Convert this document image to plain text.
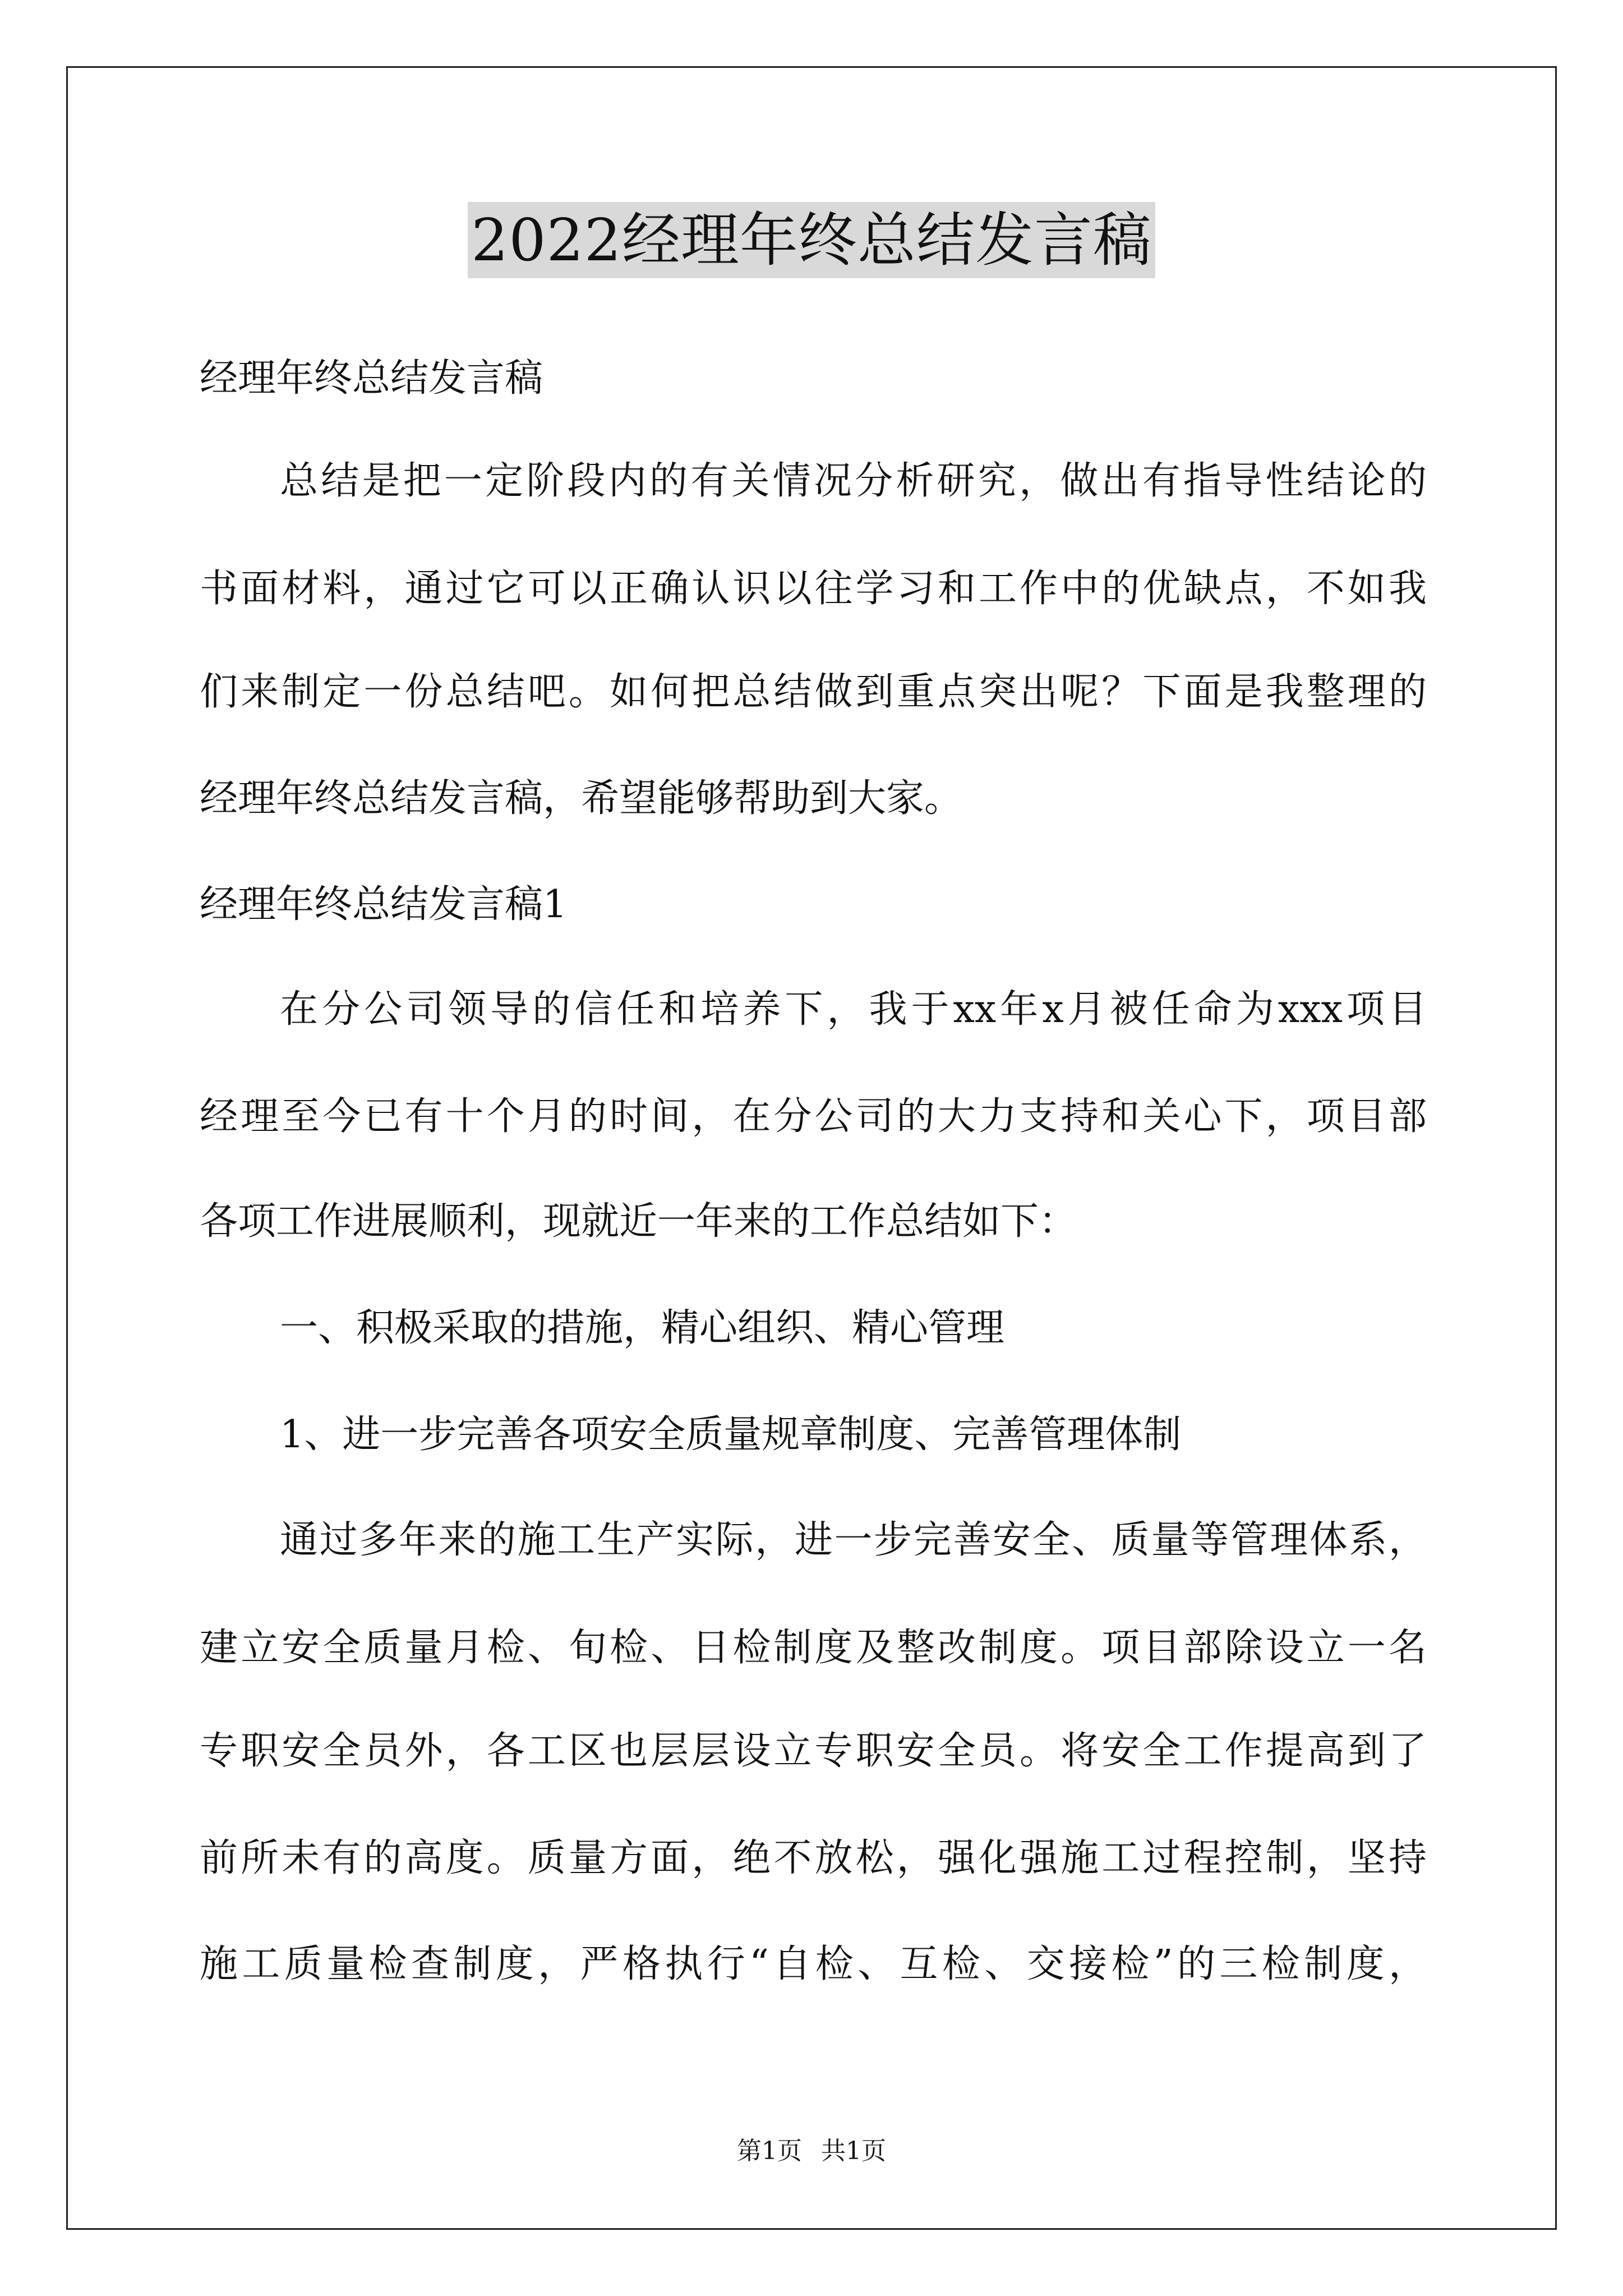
2022经理年终总结发言稿
经理年终总结发言稿
总结是把一定阶段内的有关情况分析研究，做出有指导性结论的
书面材料，通过它可以正确认识以往学习和工作中的优缺点，不如我
们来制定一份总结吧。如何把总结做到重点突出呢？下面是我整理的
经理年终总结发言稿，希望能够帮助到大家。
经理年终总结发言稿1
在分公司领导的信任和培养下，我于xx年x月被任命为xxx项目
经理至今已有十个月的时间，在分公司的大力支持和关心下，项目部
各项工作进展顺利，现就近一年来的工作总结如下：
一、积极采取的措施，精心组织、精心管理
1、进一步完善各项安全质量规章制度、完善管理体制
通过多年来的施工生产实际，进一步完善安全、质量等管理体系，
建立安全质量月检、旬检、日检制度及整改制度。项目部除设立一名
专职安全员外，各工区也层层设立专职安全员。将安全工作提高到了
前所未有的高度。质量方面，绝不放松，强化强施工过程控制，坚持
施工质量检查制度，严格执行“自检、互检、交接检”的三检制度，
第1页 共1页
